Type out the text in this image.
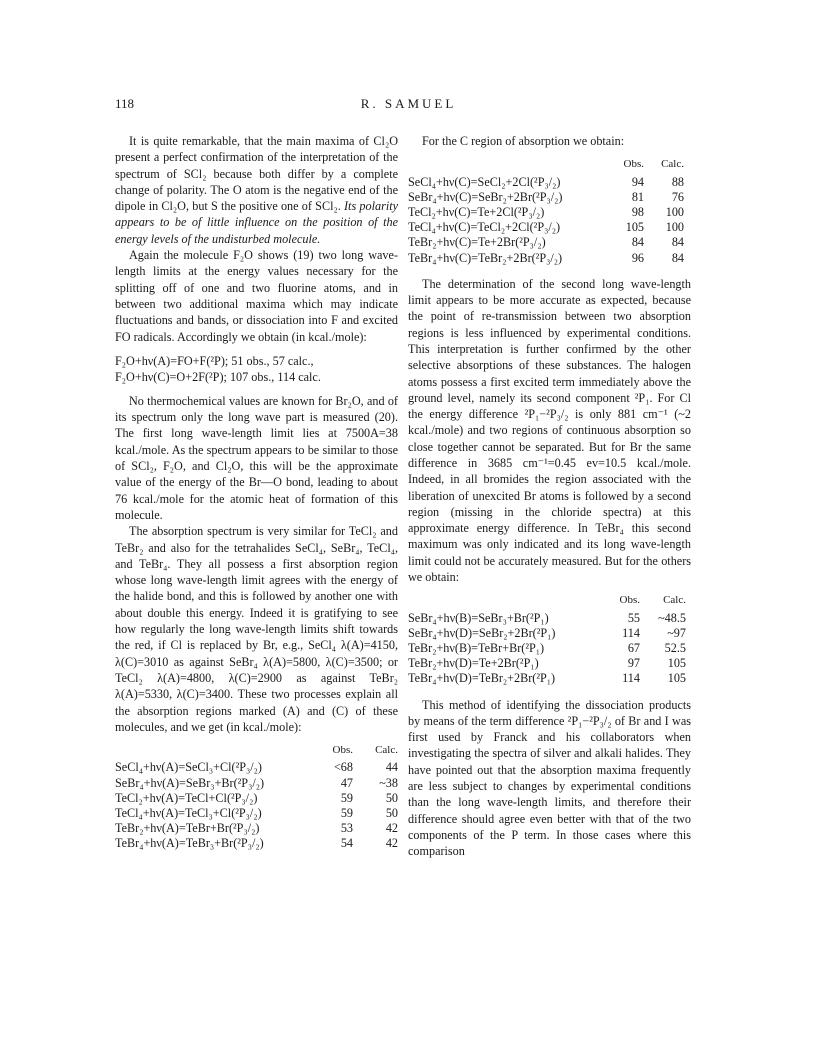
118	R. SAMUEL

It is quite remarkable, that the main maxima of Cl₂O present a perfect confirmation of the interpretation of the spectrum of SCl₂ because both differ by a complete change of polarity. The O atom is the negative end of the dipole in Cl₂O, but S the positive one of SCl₂. Its polarity appears to be of little influence on the position of the energy levels of the undisturbed molecule.

Again the molecule F₂O shows (19) two long wave-length limits at the energy values necessary for the splitting off of one and two fluorine atoms, and in between two additional maxima which may indicate fluctuations and bands, or dissociation into F and excited FO radicals. Accordingly we obtain (in kcal./mole):

F₂O+hν(A)=FO+F(²P); 51 obs., 57 calc.,
F₂O+hν(C)=O+2F(²P); 107 obs., 114 calc.

No thermochemical values are known for Br₂O, and of its spectrum only the long wave part is measured (20). The first long wave-length limit lies at 7500A=38 kcal./mole. As the spectrum appears to be similar to those of SCl₂, F₂O, and Cl₂O, this will be the approximate value of the energy of the Br—O bond, leading to about 76 kcal./mole for the atomic heat of formation of this molecule.

The absorption spectrum is very similar for TeCl₂ and TeBr₂ and also for the tetrahalides SeCl₄, SeBr₄, TeCl₄, and TeBr₄. They all possess a first absorption region whose long wave-length limit agrees with the energy of the halide bond, and this is followed by another one with about double this energy. Indeed it is gratifying to see how regularly the long wave-length limits shift towards the red, if Cl is replaced by Br, e.g., SeCl₄ λ(A)=4150, λ(C)=3010 as against SeBr₄ λ(A)=5800, λ(C)=3500; or TeCl₂ λ(A)=4800, λ(C)=2900 as against TeBr₂ λ(A)=5330, λ(C)=3400. These two processes explain all the absorption regions marked (A) and (C) of these molecules, and we get (in kcal./mole):

	Obs.	Calc.
SeCl₄+hν(A)=SeCl₃+Cl(²P₃/₂)	<68	44
SeBr₄+hν(A)=SeBr₃+Br(²P₃/₂)	47	~38
TeCl₂+hν(A)=TeCl+Cl(²P₃/₂)	59	50
TeCl₄+hν(A)=TeCl₃+Cl(²P₃/₂)	59	50
TeBr₂+hν(A)=TeBr+Br(²P₃/₂)	53	42
TeBr₄+hν(A)=TeBr₃+Br(²P₃/₂)	54	42

For the C region of absorption we obtain:

	Obs.	Calc.
SeCl₄+hν(C)=SeCl₂+2Cl(²P₃/₂)	94	88
SeBr₄+hν(C)=SeBr₂+2Br(²P₃/₂)	81	76
TeCl₂+hν(C)=Te+2Cl(²P₃/₂)	98	100
TeCl₄+hν(C)=TeCl₂+2Cl(²P₃/₂)	105	100
TeBr₂+hν(C)=Te+2Br(²P₃/₂)	84	84
TeBr₄+hν(C)=TeBr₂+2Br(²P₃/₂)	96	84

The determination of the second long wave-length limit appears to be more accurate as expected, because the point of re-transmission between two absorption regions is less influenced by experimental conditions. This interpretation is further confirmed by the other selective absorptions of these substances. The halogen atoms possess a first excited term immediately above the ground level, namely its second component ²P₁. For Cl the energy difference ²P₁−²P₃/₂ is only 881 cm⁻¹ (~2 kcal./mole) and two regions of continuous absorption so close together cannot be separated. But for Br the same difference in 3685 cm⁻¹=0.45 ev=10.5 kcal./mole. Indeed, in all bromides the region associated with the liberation of unexcited Br atoms is followed by a second region (missing in the chloride spectra) at this approximate energy difference. In TeBr₄ this second maximum was only indicated and its long wave-length limit could not be accurately measured. But for the others we obtain:

	Obs.	Calc.
SeBr₄+hν(B)=SeBr₃+Br(²P₁)	55	~48.5
SeBr₄+hν(D)=SeBr₂+2Br(²P₁)	114	~97
TeBr₂+hν(B)=TeBr+Br(²P₁)	67	52.5
TeBr₂+hν(D)=Te+2Br(²P₁)	97	105
TeBr₄+hν(D)=TeBr₂+2Br(²P₁)	114	105

This method of identifying the dissociation products by means of the term difference ²P₁−²P₃/₂ of Br and I was first used by Franck and his collaborators when investigating the spectra of silver and alkali halides. They have pointed out that the absorption maxima frequently are less subject to changes by experimental conditions than the long wave-length limits, and therefore their difference should agree even better with that of the two components of the P term. In those cases where this comparison
